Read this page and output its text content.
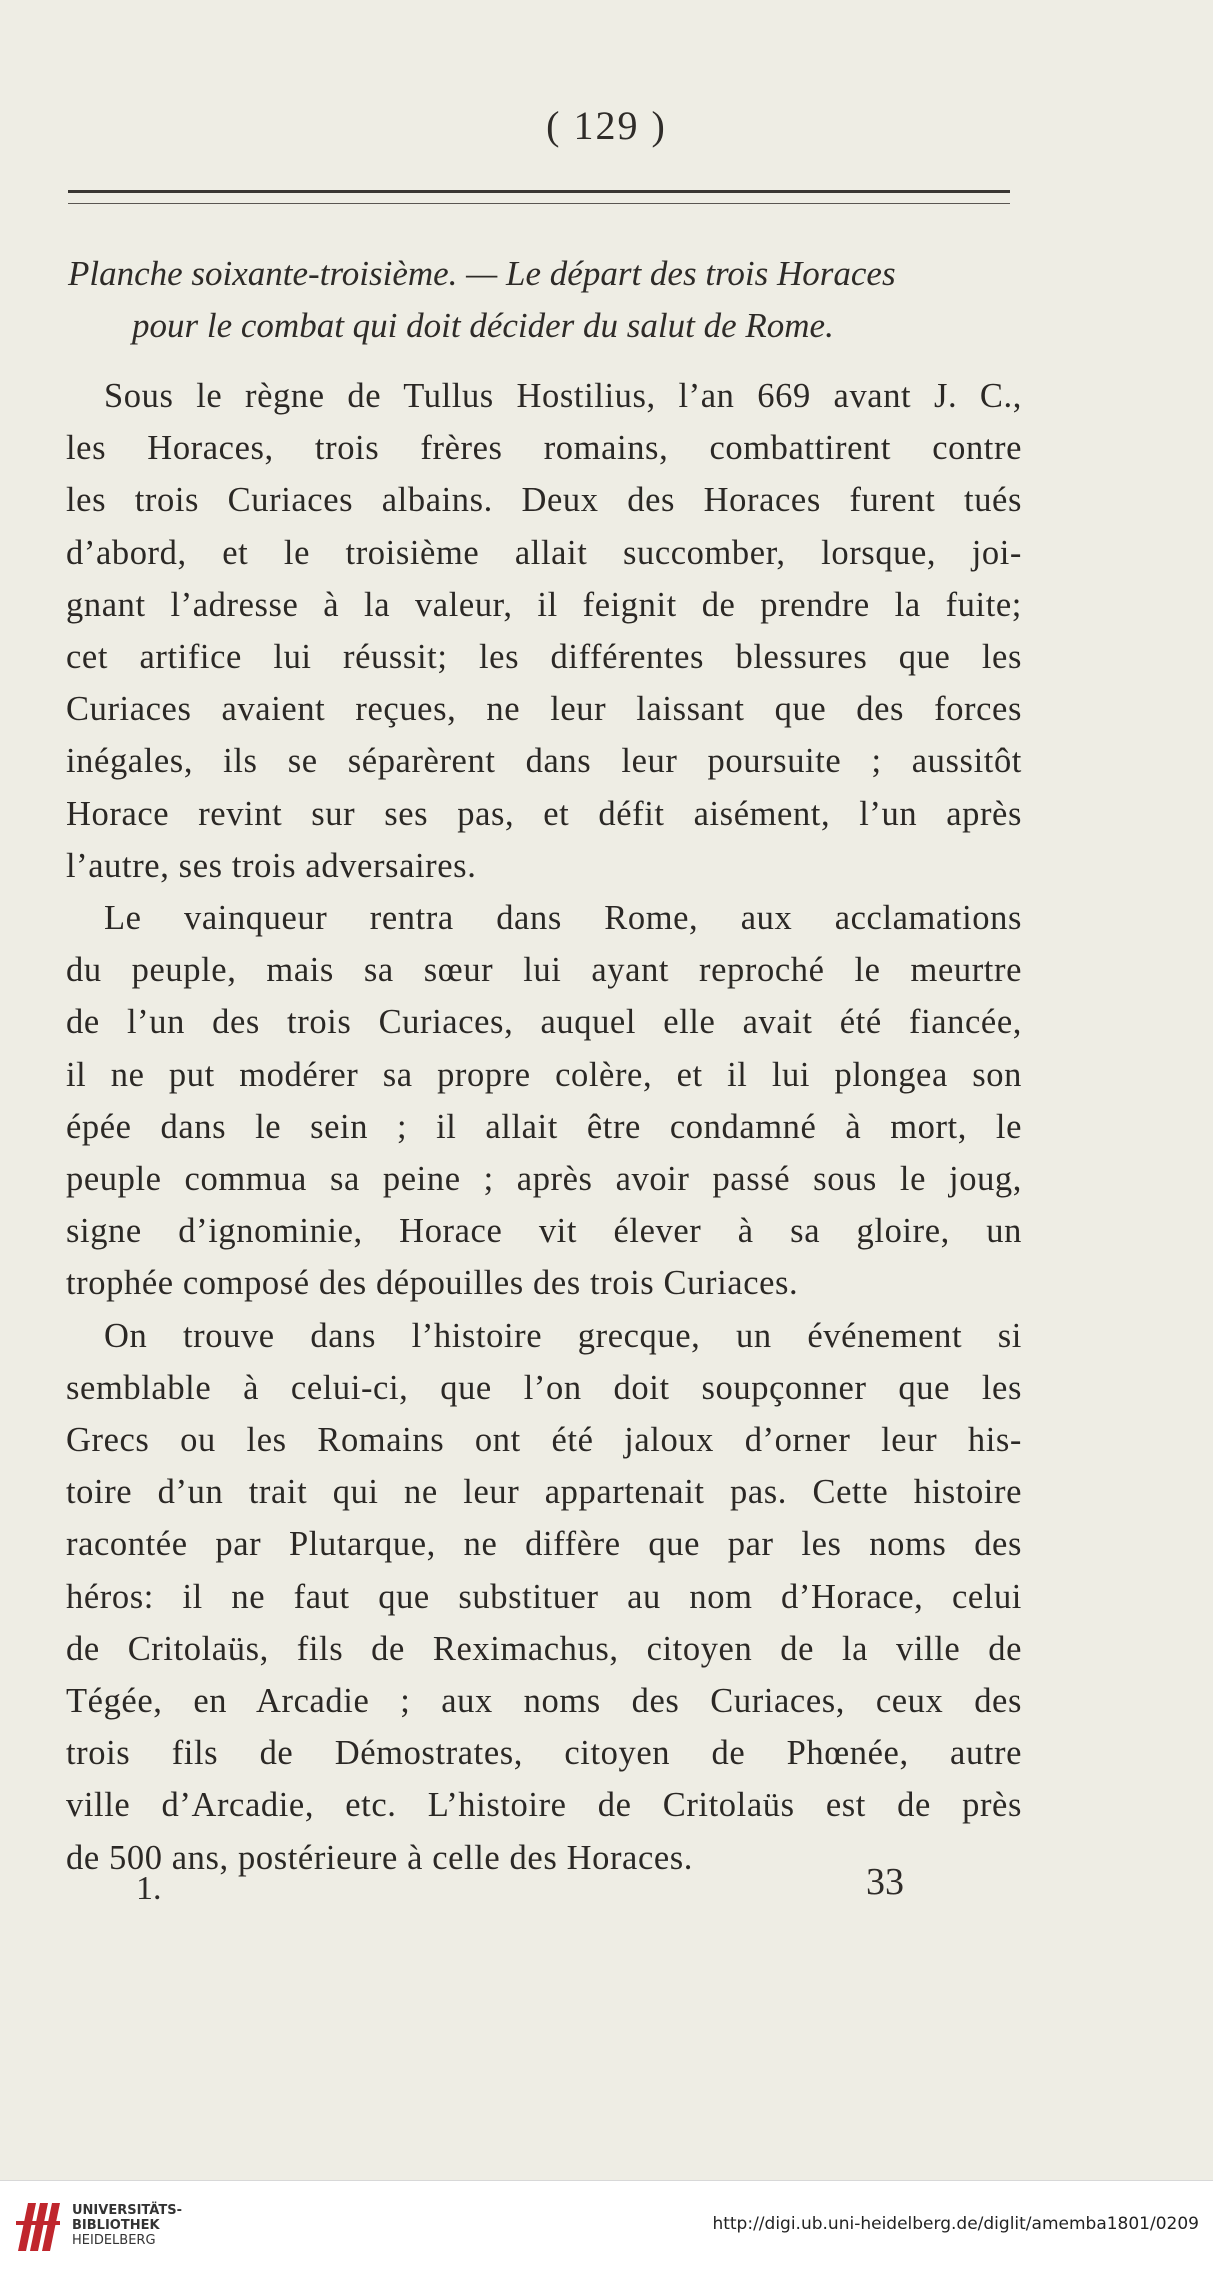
( 129 )
Planche soixante-troisième. — Le départ des trois Horaces
pour le combat qui doit décider du salut de Rome.
Sous le règne de Tullus Hostilius, l’an 669 avant J. C.,
les Horaces, trois frères romains, combattirent contre
les trois Curiaces albains. Deux des Horaces furent tués
d’abord, et le troisième allait succomber, lorsque, joi-
gnant l’adresse à la valeur, il feignit de prendre la fuite;
cet artifice lui réussit; les différentes blessures que les
Curiaces avaient reçues, ne leur laissant que des forces
inégales, ils se séparèrent dans leur poursuite ; aussitôt
Horace revint sur ses pas, et défit aisément, l’un après
l’autre, ses trois adversaires.
Le vainqueur rentra dans Rome, aux acclamations
du peuple, mais sa sœur lui ayant reproché le meurtre
de l’un des trois Curiaces, auquel elle avait été fiancée,
il ne put modérer sa propre colère, et il lui plongea son
épée dans le sein ; il allait être condamné à mort, le
peuple commua sa peine ; après avoir passé sous le joug,
signe d’ignominie, Horace vit élever à sa gloire, un
trophée composé des dépouilles des trois Curiaces.
On trouve dans l’histoire grecque, un événement si
semblable à celui-ci, que l’on doit soupçonner que les
Grecs ou les Romains ont été jaloux d’orner leur his-
toire d’un trait qui ne leur appartenait pas. Cette histoire
racontée par Plutarque, ne diffère que par les noms des
héros: il ne faut que substituer au nom d’Horace, celui
de Critolaüs, fils de Reximachus, citoyen de la ville de
Tégée, en Arcadie ; aux noms des Curiaces, ceux des
trois fils de Démostrates, citoyen de Phœnée, autre
ville d’Arcadie, etc. L’histoire de Critolaüs est de près
de 500 ans, postérieure à celle des Horaces.
1.	33
UNIVERSITÄTS-
BIBLIOTHEK
HEIDELBERG
http://digi.ub.uni-heidelberg.de/diglit/amemba1801/0209
